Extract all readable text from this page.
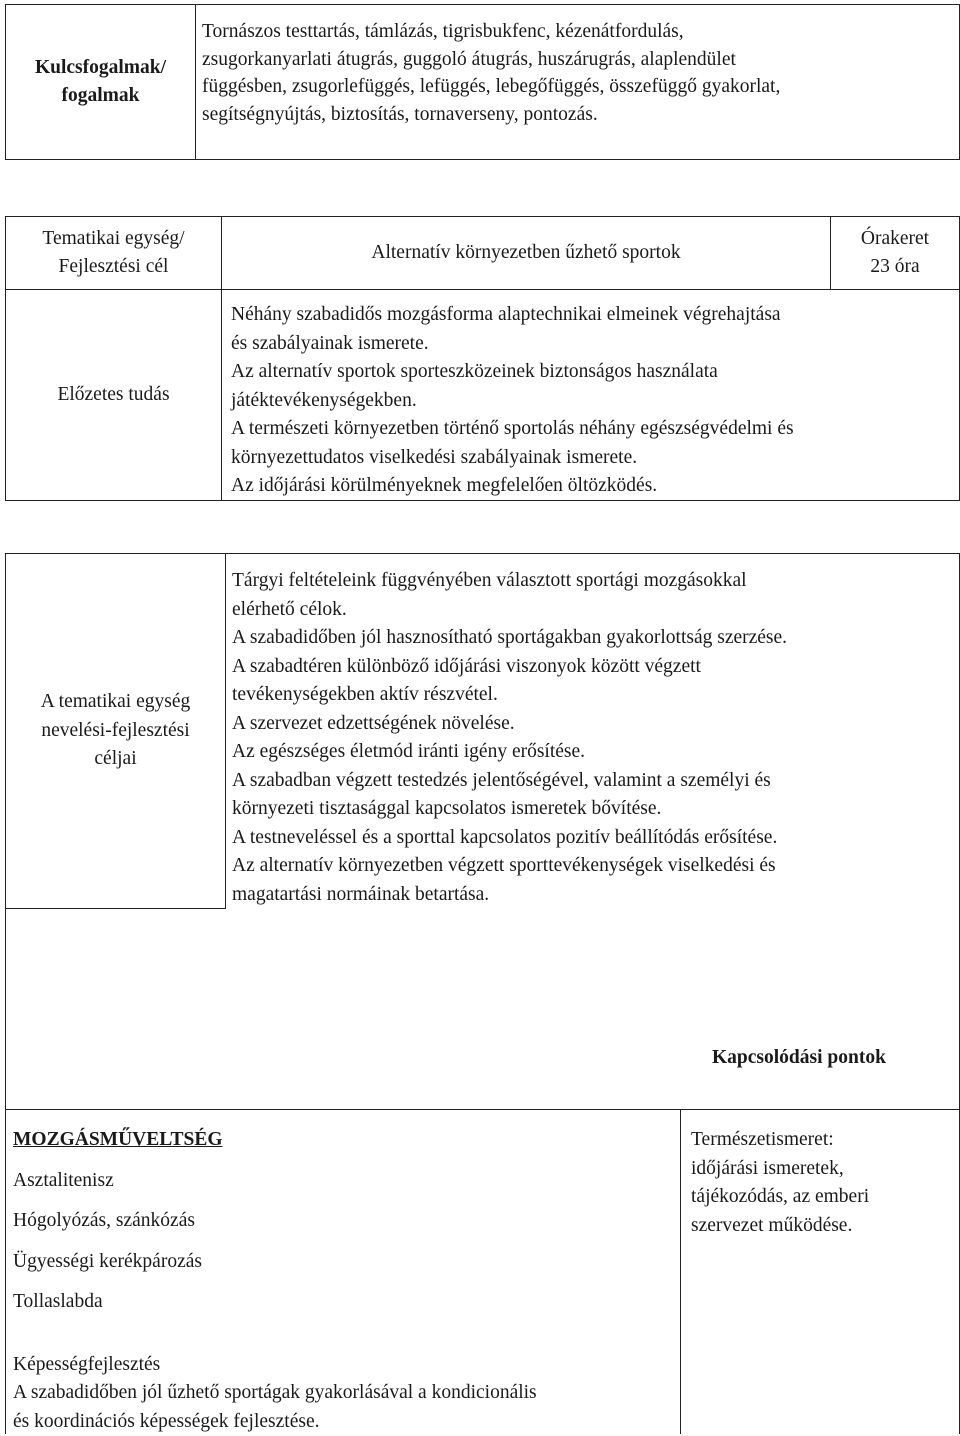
Kulcsfogalmak/
fogalmak
Tornászos testtartás, támlázás, tigrisbukfenc, kézenátfordulás,
zsugorkanyarlati átugrás, guggoló átugrás, huszárugrás, alaplendület
függésben, zsugorlefüggés, lefüggés, lebegőfüggés, összefüggő gyakorlat,
segítségnyújtás, biztosítás, tornaverseny, pontozás.
Tematikai egység/
Fejlesztési cél
Alternatív környezetben űzhető sportok
Órakeret
23 óra
Előzetes tudás
Néhány szabadidős mozgásforma alaptechnikai elmeinek végrehajtása
és szabályainak ismerete.
Az alternatív sportok sporteszközeinek biztonságos használata
játéktevékenységekben.
A természeti környezetben történő sportolás néhány egészségvédelmi és
környezettudatos viselkedési szabályainak ismerete.
Az időjárási körülményeknek megfelelően öltözködés.
A tematikai egység
nevelési-fejlesztési
céljai
Tárgyi feltételeink függvényében választott sportági mozgásokkal
elérhető célok.
A szabadidőben jól hasznosítható sportágakban gyakorlottság szerzése.
A szabadtéren különböző időjárási viszonyok között végzett
tevékenységekben aktív részvétel.
A szervezet edzettségének növelése.
Az egészséges életmód iránti igény erősítése.
A szabadban végzett testedzés jelentőségével, valamint a személyi és
környezeti tisztasággal kapcsolatos ismeretek bővítése.
A testneveléssel és a sporttal kapcsolatos pozitív beállítódás erősítése.
Az alternatív környezetben végzett sporttevékenységek viselkedési és
magatartási normáinak betartása.
Kapcsolódási pontok
MOZGÁSMŰVELTSÉG
Asztalitenisz
Hógolyózás, szánkózás
Ügyességi kerékpározás
Tollaslabda
Képességfejlesztés
A szabadidőben jól űzhető sportágak gyakorlásával a kondicionális
és koordinációs képességek fejlesztése.
Természetismeret:
időjárási ismeretek,
tájékozódás, az emberi
szervezet működése.
